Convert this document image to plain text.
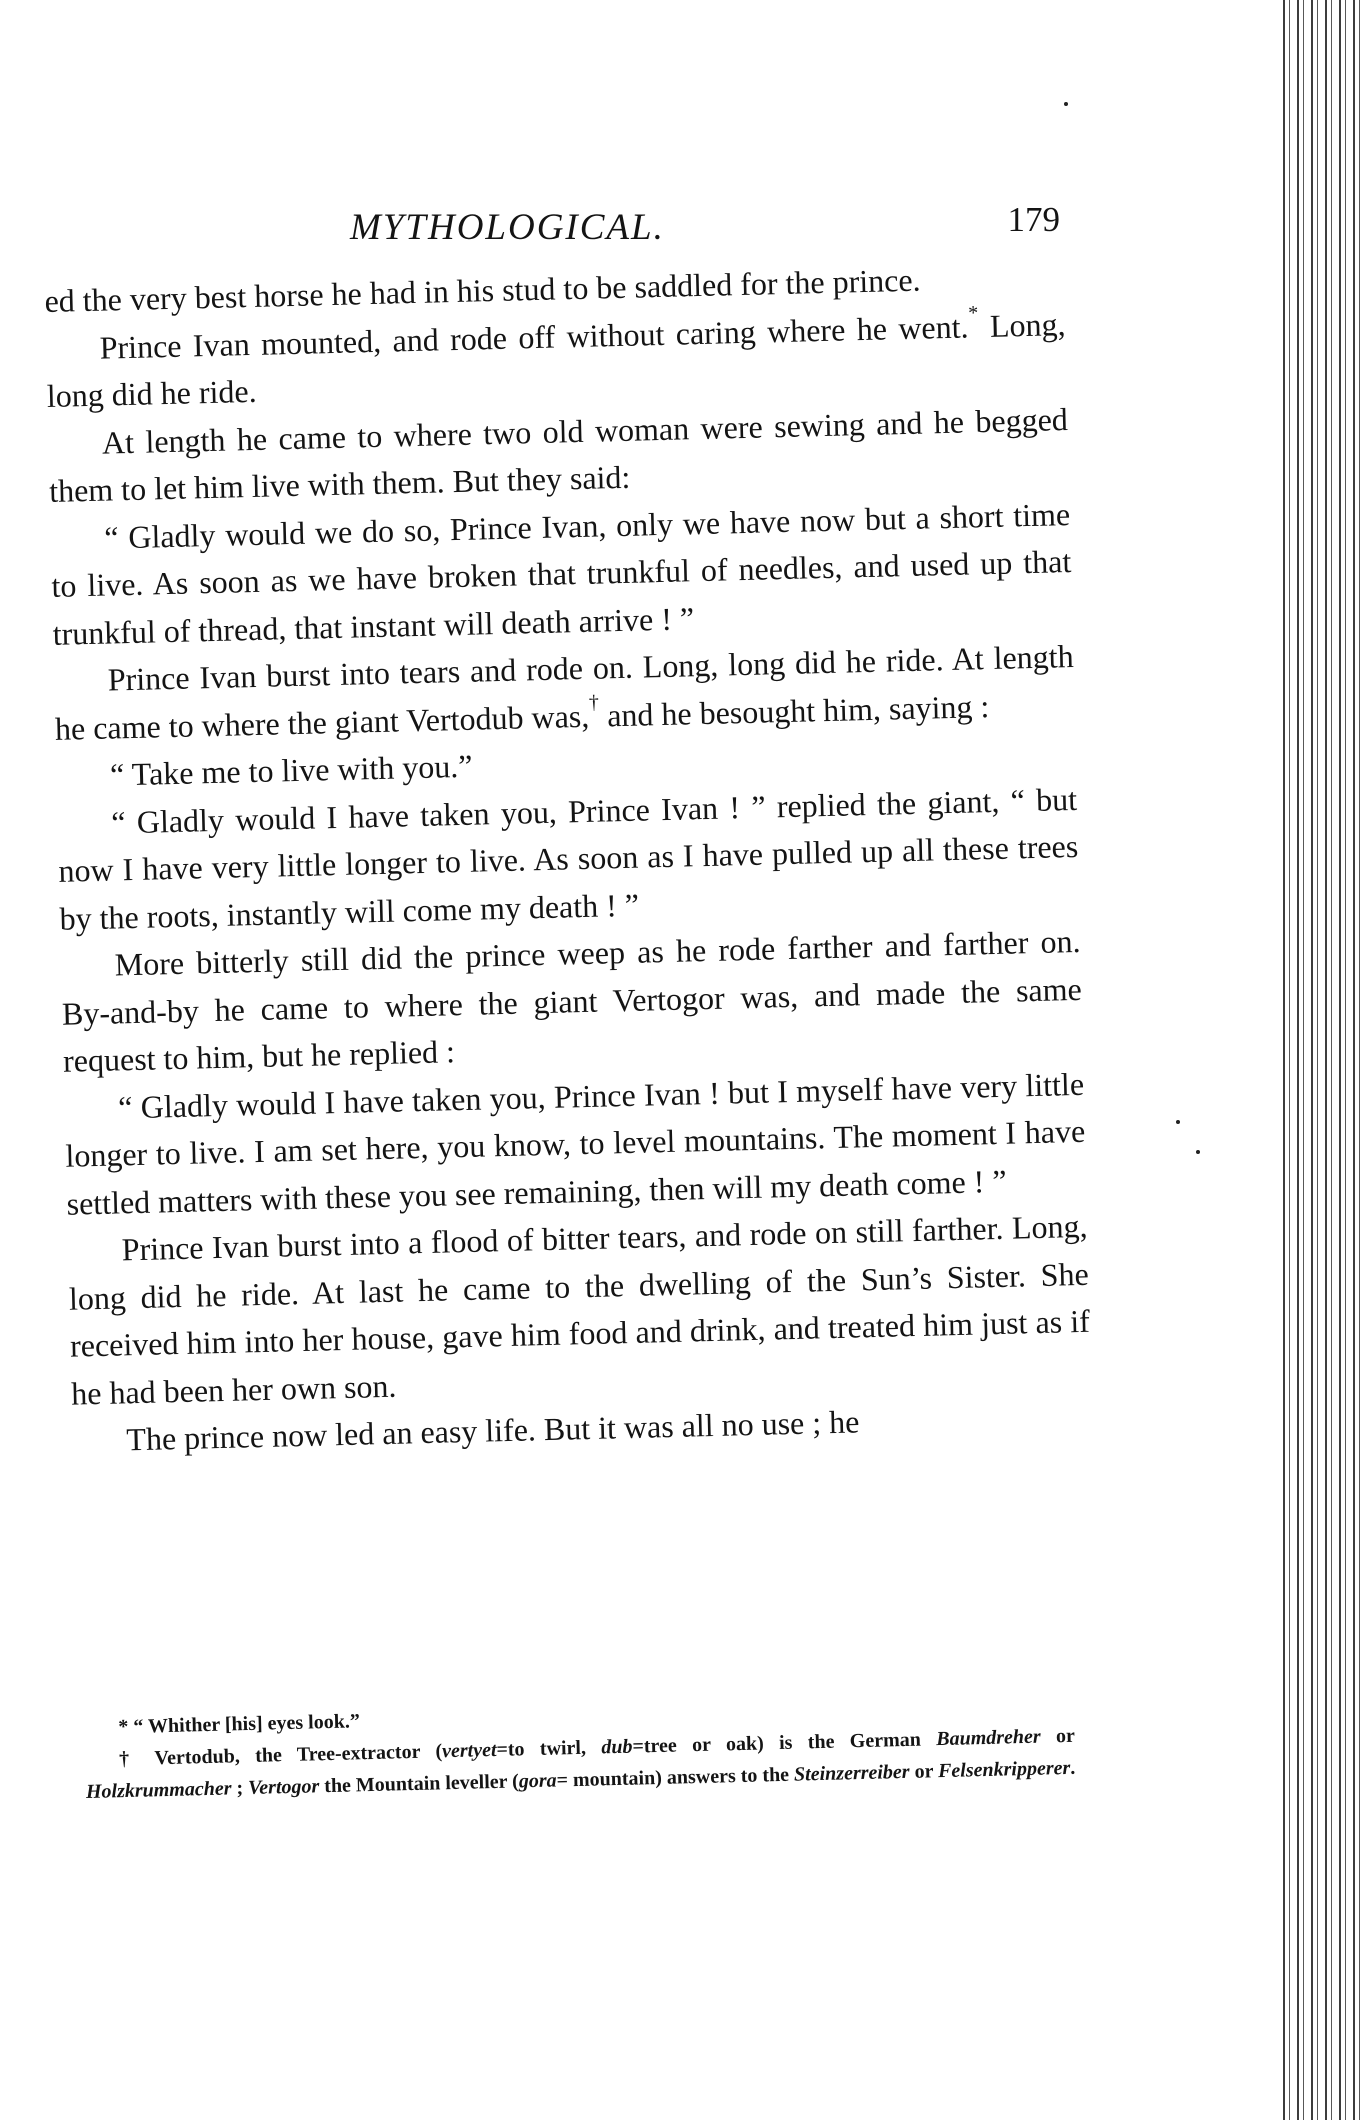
MYTHOLOGICAL.	179

ed the very best horse he had in his stud to be saddled for the prince.

Prince Ivan mounted, and rode off without caring where he went.* Long, long did he ride.

At length he came to where two old woman were sewing and he begged them to let him live with them. But they said:

“ Gladly would we do so, Prince Ivan, only we have now but a short time to live. As soon as we have broken that trunkful of needles, and used up that trunkful of thread, that instant will death arrive ! ”

Prince Ivan burst into tears and rode on. Long, long did he ride. At length he came to where the giant Vertodub was,† and he besought him, saying :

“ Take me to live with you.”

“ Gladly would I have taken you, Prince Ivan ! ” replied the giant, “ but now I have very little longer to live. As soon as I have pulled up all these trees by the roots, instantly will come my death ! ”

More bitterly still did the prince weep as he rode farther and farther on. By-and-by he came to where the giant Vertogor was, and made the same request to him, but he replied :

“ Gladly would I have taken you, Prince Ivan ! but I myself have very little longer to live. I am set here, you know, to level mountains. The moment I have settled matters with these you see remaining, then will my death come ! ”

Prince Ivan burst into a flood of bitter tears, and rode on still farther. Long, long did he ride. At last he came to the dwelling of the Sun’s Sister. She received him into her house, gave him food and drink, and treated him just as if he had been her own son.

The prince now led an easy life. But it was all no use ; he

* “ Whither [his] eyes look.”

† Vertodub, the Tree-extractor (vertyet=to twirl, dub=tree or oak) is the German Baumdreher or Holzkrummacher ; Vertogor the Mountain leveller (gora= mountain) answers to the Steinzerreiber or Felsenkripperer.
